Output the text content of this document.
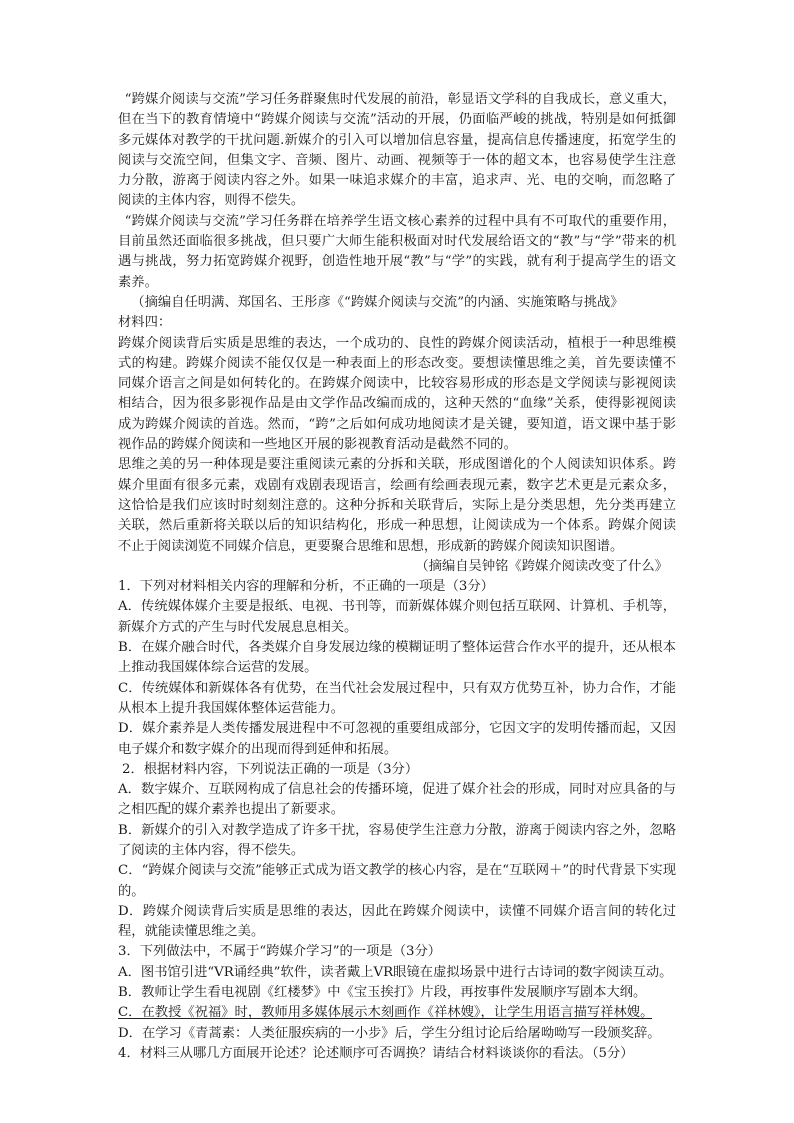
“跨媒介阅读与交流”学习任务群聚焦时代发展的前沿，彰显语文学科的自我成长，意义重大，但在当下的教育情境中“跨媒介阅读与交流”活动的开展，仍面临严峻的挑战，特别是如何抵御多元媒体对教学的干扰问题.新媒介的引入可以增加信息容量，提高信息传播速度，拓宽学生的阅读与交流空间，但集文字、音频、图片、动画、视频等于一体的超文本，也容易使学生注意力分散，游离于阅读内容之外。如果一味追求媒介的丰富，追求声、光、电的交响，而忽略了阅读的主体内容，则得不偿失。

“跨媒介阅读与交流”学习任务群在培养学生语文核心素养的过程中具有不可取代的重要作用，目前虽然还面临很多挑战，但只要广大师生能积极面对时代发展给语文的“教”与“学”带来的机遇与挑战，努力拓宽跨媒介视野，创造性地开展“教”与“学”的实践，就有利于提高学生的语文素养。

（摘编自任明满、郑国名、王彤彦《“跨媒介阅读与交流”的内涵、实施策略与挑战》

材料四：

跨媒介阅读背后实质是思维的表达，一个成功的、良性的跨媒介阅读活动，植根于一种思维模式的构建。跨媒介阅读不能仅仅是一种表面上的形态改变。要想读懂思维之美，首先要读懂不同媒介语言之间是如何转化的。在跨媒介阅读中，比较容易形成的形态是文学阅读与影视阅读相结合，因为很多影视作品是由文学作品改编而成的，这种天然的“血缘”关系，使得影视阅读成为跨媒介阅读的首选。然而，“跨”之后如何成功地阅读才是关键，要知道，语文课中基于影视作品的跨媒介阅读和一些地区开展的影视教育活动是截然不同的。

思维之美的另一种体现是要注重阅读元素的分拆和关联，形成图谱化的个人阅读知识体系。跨媒介里面有很多元素，戏剧有戏剧表现语言，绘画有绘画表现元素，数字艺术更是元素众多，这恰恰是我们应该时时刻刻注意的。这种分拆和关联背后，实际上是分类思想，先分类再建立关联，然后重新将关联以后的知识结构化，形成一种思想，让阅读成为一个体系。跨媒介阅读不止于阅读浏览不同媒介信息，更要聚合思维和思想，形成新的跨媒介阅读知识图谱。

（摘编自吴钟铭《跨媒介阅读改变了什么》

1．下列对材料相关内容的理解和分析，不正确的一项是（3分）

A．传统媒体媒介主要是报纸、电视、书刊等，而新媒体媒介则包括互联网、计算机、手机等，新媒介方式的产生与时代发展息息相关。

B．在媒介融合时代，各类媒介自身发展边缘的模糊证明了整体运营合作水平的提升，还从根本上推动我国媒体综合运营的发展。

C．传统媒体和新媒体各有优势，在当代社会发展过程中，只有双方优势互补，协力合作，才能从根本上提升我国媒体整体运营能力。

D．媒介素养是人类传播发展进程中不可忽视的重要组成部分，它因文字的发明传播而起，又因电子媒介和数字媒介的出现而得到延伸和拓展。

2．根据材料内容，下列说法正确的一项是（3分）

A．数字媒介、互联网构成了信息社会的传播环境，促进了媒介社会的形成，同时对应具备的与之相匹配的媒介素养也提出了新要求。

B．新媒介的引入对教学造成了许多干扰，容易使学生注意力分散，游离于阅读内容之外，忽略了阅读的主体内容，得不偿失。

C．“跨媒介阅读与交流”能够正式成为语文教学的核心内容，是在“互联网＋”的时代背景下实现的。

D．跨媒介阅读背后实质是思维的表达，因此在跨媒介阅读中，读懂不同媒介语言间的转化过程，就能读懂思维之美。

3．下列做法中，不属于“跨媒介学习”的一项是（3分）

A．图书馆引进“VR诵经典”软件，读者戴上VR眼镜在虚拟场景中进行古诗词的数字阅读互动。

B．教师让学生看电视剧《红楼梦》中《宝玉挨打》片段，再按事件发展顺序写剧本大纲。

C．在教授《祝福》时，教师用多媒体展示木刻画作《祥林嫂》，让学生用语言描写祥林嫂。

D．在学习《青蒿素：人类征服疾病的一小步》后，学生分组讨论后给屠呦呦写一段颁奖辞。

4．材料三从哪几方面展开论述？论述顺序可否调换？请结合材料谈谈你的看法。（5分）
